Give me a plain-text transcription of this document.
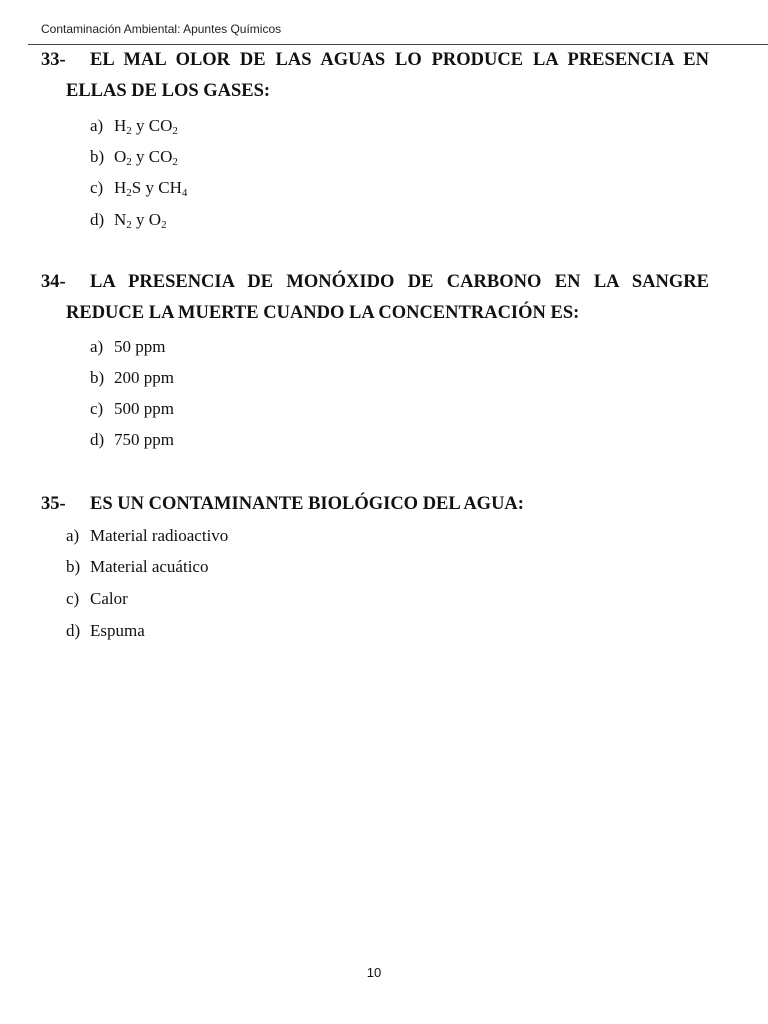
Contaminación Ambiental: Apuntes Químicos
33- EL MAL OLOR DE LAS AGUAS LO PRODUCE LA PRESENCIA EN
ELLAS DE LOS GASES:
a) $H_2$ y $CO_2$
b) $O_2$ y $CO_2$
c) $H_2S$ y $CH_4$
d) $N_2$ y $O_2$
34- LA PRESENCIA DE MONÓXIDO DE CARBONO EN LA SANGRE
REDUCE LA MUERTE CUANDO LA CONCENTRACIÓN ES:
a) 50 ppm
b) 200 ppm
c) 500 ppm
d) 750 ppm
35- ES UN CONTAMINANTE BIOLÓGICO DEL AGUA:
a) Material radioactivo
b) Material acuático
c) Calor
d) Espuma
10
